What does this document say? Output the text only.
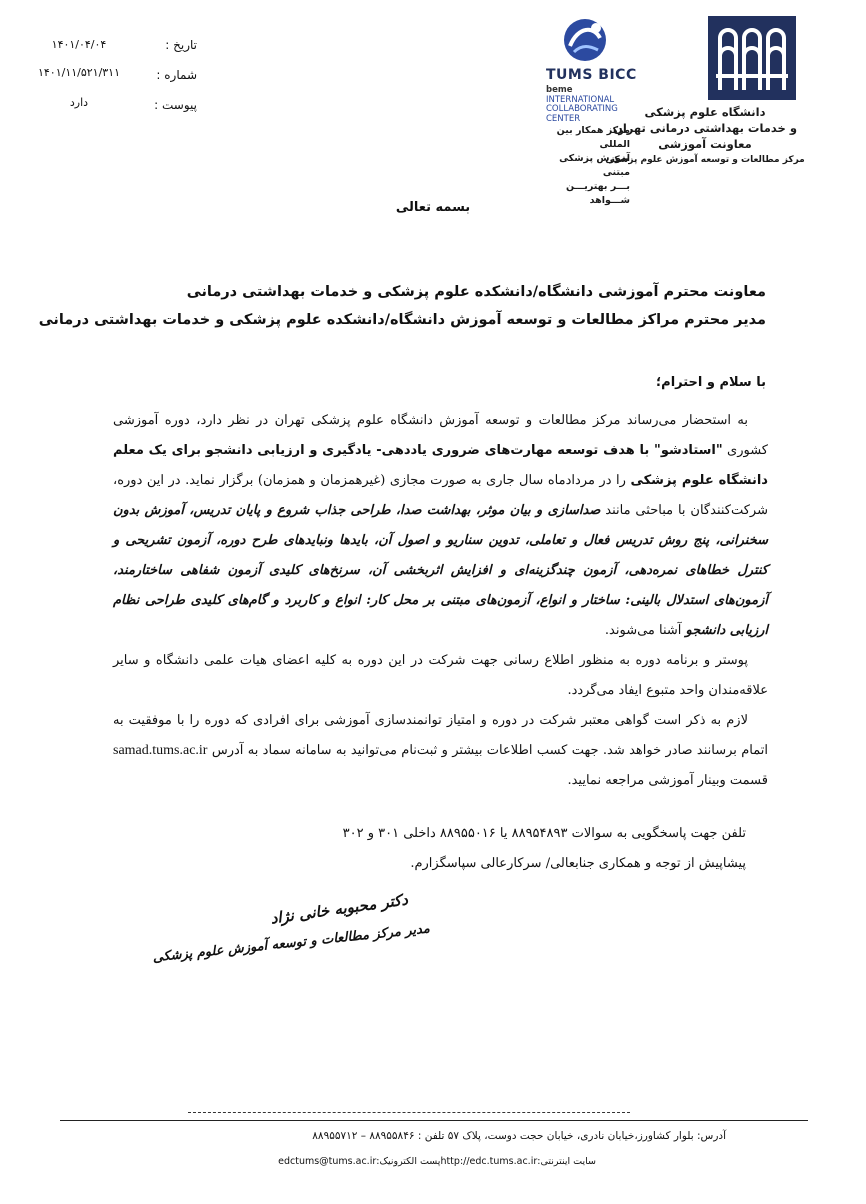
دانشگاه علوم پزشکی
و خدمات بهداشتی درمانی تهران
معاونت آموزشی
مرکز مطالعات و توسعه آموزش علوم پزشکی
TUMS BICC
beme
INTERNATIONAL
COLLABORATING
CENTER
مرکز همکار بین المللی
آموزش پزشکی مبتنی
بـــر بهتریـــن شـــواهد
تاریخ :
۱۴۰۱/۰۴/۰۴
شماره :
۱۴۰۱/۱۱/۵۲۱/۳۱۱
پیوست :
دارد
بسمه تعالی
معاونت محترم آموزشی دانشگاه/دانشکده علوم پزشکی و خدمات بهداشتی درمانی
مدیر محترم مراکز مطالعات و توسعه آموزش دانشگاه/دانشکده علوم پزشکی و خدمات بهداشتی درمانی
با سلام و احترام؛

به استحضار می‌رساند مرکز مطالعات و توسعه آموزش دانشگاه علوم پزشکی تهران در نظر دارد، دوره آموزشی کشوری "استادشو" با هدف توسعه مهارت‌های ضروری یاددهی- یادگیری و ارزیابی دانشجو برای یک معلم دانشگاه علوم پزشکی را در مردادماه سال جاری به صورت مجازی (غیرهمزمان و همزمان) برگزار نماید. در این دوره، شرکت‌کنندگان با مباحثی مانند صداسازی و بیان موثر، بهداشت صدا، طراحی جذاب شروع و پایان تدریس، آموزش بدون سخنرانی، پنج روش تدریس فعال و تعاملی، تدوین سناریو و اصول آن، بایدها ونبایدهای طرح دوره، آزمون تشریحی و کنترل خطاهای نمره‌دهی، آزمون چندگزینه‌ای و افزایش اثربخشی آن، سرنخ‌های کلیدی آزمون شفاهی ساختارمند، آزمون‌های استدلال بالینی: ساختار و انواع، آزمون‌های مبتنی بر محل کار: انواع و کاربرد و گام‌های کلیدی طراحی نظام ارزیابی دانشجو آشنا می‌شوند.

پوستر و برنامه دوره به منظور اطلاع رسانی جهت شرکت در این دوره به کلیه اعضای هیات علمی دانشگاه و سایر علاقه‌مندان واحد متبوع ایفاد می‌گردد.

لازم به ذکر است گواهی معتبر شرکت در دوره و امتیاز توانمندسازی آموزشی برای افرادی که دوره را با موفقیت به اتمام برسانند صادر خواهد شد. جهت کسب اطلاعات بیشتر و ثبت‌نام می‌توانید به سامانه سماد به آدرس samad.tums.ac.ir قسمت وبینار آموزشی مراجعه نمایید.

تلفن جهت پاسخگویی به سوالات ۸۸۹۵۴۸۹۳ یا ۸۸۹۵۵۰۱۶ داخلی ۳۰۱ و ۳۰۲
پیشاپیش از توجه و همکاری جنابعالی/ سرکارعالی سپاسگزارم.
دکتر محبوبه خانی نژاد
مدیر مرکز مطالعات و توسعه آموزش علوم پزشکی
آدرس: بلوار کشاورز،خیابان نادری، خیابان حجت دوست، پلاک ۵۷ تلفن : ۸۸۹۵۵۸۴۶ – ۸۸۹۵۵۷۱۲
سایت اینترنتی:http://edc.tums.ac.irپست الکترونیک:edctums@tums.ac.ir
